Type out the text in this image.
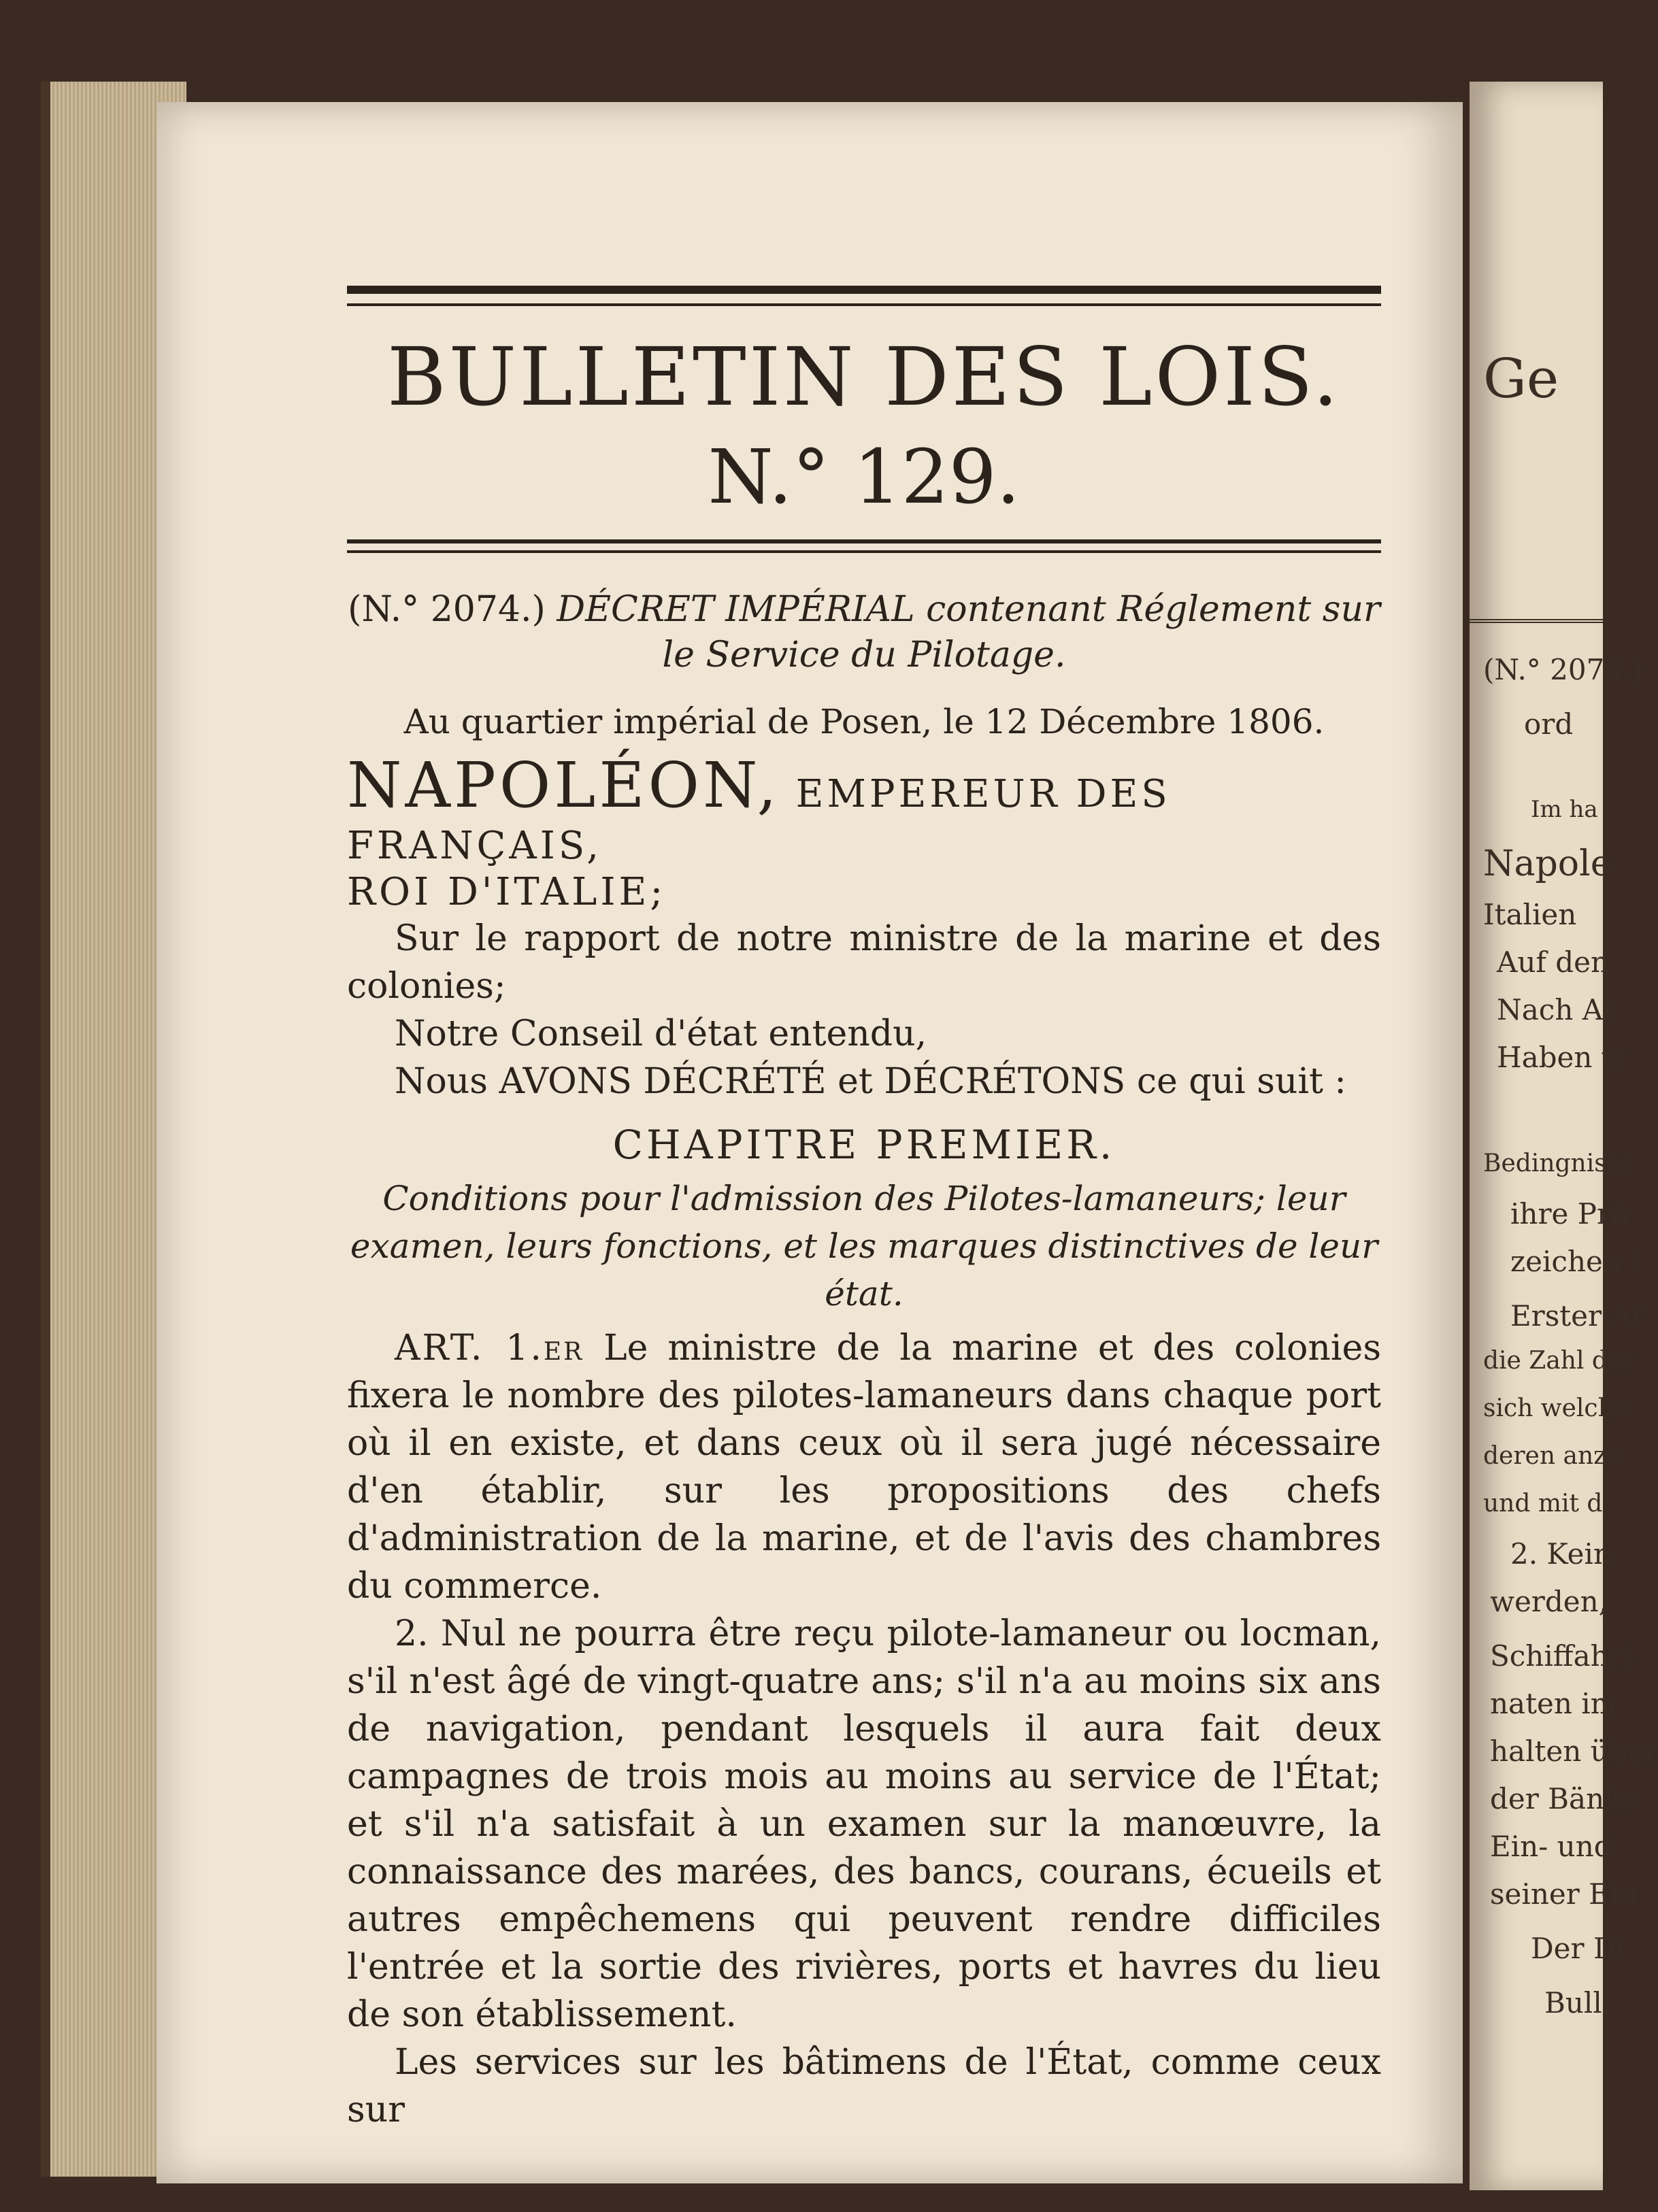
Ge
(N.° 2074.)
ord
Im ha
Napole
Italien
Auf den
Nach Ar
Haben w
Bedingnisse
ihre Prü
zeichen i
Erster Ar
die Zahl der
sich welche
deren anzu
und mit d
2. Kein
werden,
Schiffahrt
naten im
halten über
der Bänke
Ein- und
seiner Eta
Der Di
Bull.
BULLETIN DES LOIS.
N.° 129.
(N.° 2074.) DÉCRET IMPÉRIAL contenant Réglement sur le Service du Pilotage.
Au quartier impérial de Posen, le 12 Décembre 1806.
NAPOLÉON, EMPEREUR DES FRANÇAIS,
ROI D'ITALIE;
Sur le rapport de notre ministre de la marine et des colonies;
Notre Conseil d'état entendu,
Nous AVONS DÉCRÉTÉ et DÉCRÉTONS ce qui suit :
CHAPITRE PREMIER.
Conditions pour l'admission des Pilotes-lamaneurs; leur examen, leurs fonctions, et les marques distinctives de leur état.
ART. 1.er Le ministre de la marine et des colonies fixera le nombre des pilotes-lamaneurs dans chaque port où il en existe, et dans ceux où il sera jugé nécessaire d'en établir, sur les propositions des chefs d'administration de la marine, et de l'avis des chambres du commerce.
2. Nul ne pourra être reçu pilote-lamaneur ou locman, s'il n'est âgé de vingt-quatre ans; s'il n'a au moins six ans de navigation, pendant lesquels il aura fait deux campagnes de trois mois au moins au service de l'État; et s'il n'a satisfait à un examen sur la manœuvre, la connaissance des marées, des bancs, courans, écueils et autres empêchemens qui peuvent rendre difficiles l'entrée et la sortie des rivières, ports et havres du lieu de son établissement.
Les services sur les bâtimens de l'État, comme ceux sur
